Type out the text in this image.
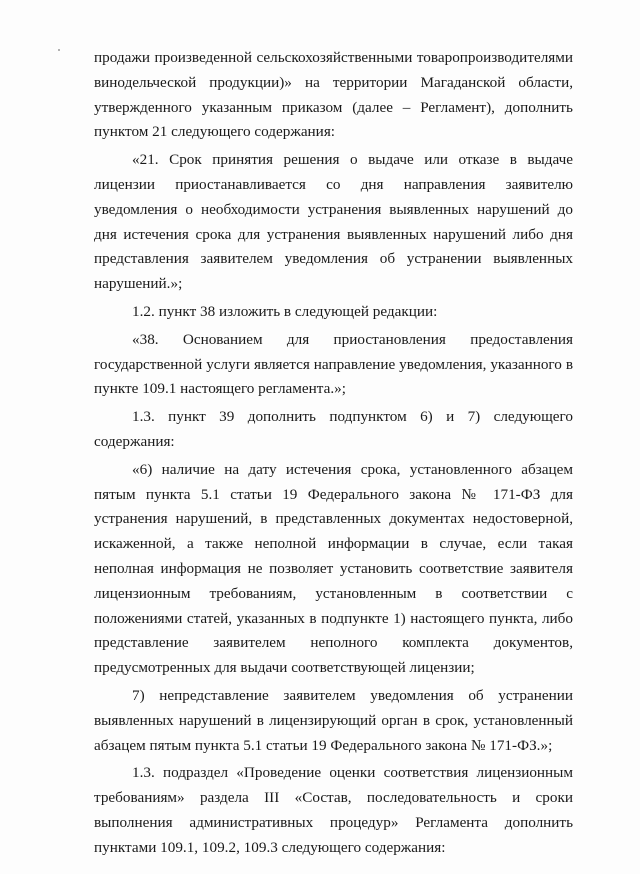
продажи произведенной сельскохозяйственными товаропроизводителями винодельческой продукции)» на территории Магаданской области, утвержденного указанным приказом (далее – Регламент), дополнить пунктом 21 следующего содержания:

«21. Срок принятия решения о выдаче или отказе в выдаче лицензии приостанавливается со дня направления заявителю уведомления о необходимости устранения выявленных нарушений до дня истечения срока для устранения выявленных нарушений либо дня представления заявителем уведомления об устранении выявленных нарушений.»;

1.2. пункт 38 изложить в следующей редакции:

«38. Основанием для приостановления предоставления государственной услуги является направление уведомления, указанного в пункте 109.1 настоящего регламента.»;

1.3. пункт 39 дополнить подпунктом 6) и 7) следующего содержания:

«6) наличие на дату истечения срока, установленного абзацем пятым пункта 5.1 статьи 19 Федерального закона № 171-ФЗ для устранения нарушений, в представленных документах недостоверной, искаженной, а также неполной информации в случае, если такая неполная информация не позволяет установить соответствие заявителя лицензионным требованиям, установленным в соответствии с положениями статей, указанных в подпункте 1) настоящего пункта, либо представление заявителем неполного комплекта документов, предусмотренных для выдачи соответствующей лицензии;

7) непредставление заявителем уведомления об устранении выявленных нарушений в лицензирующий орган в срок, установленный абзацем пятым пункта 5.1 статьи 19 Федерального закона № 171-ФЗ.»;

1.3. подраздел «Проведение оценки соответствия лицензионным требованиям» раздела III «Состав, последовательность и сроки выполнения административных процедур» Регламента дополнить пунктами 109.1, 109.2, 109.3 следующего содержания:
